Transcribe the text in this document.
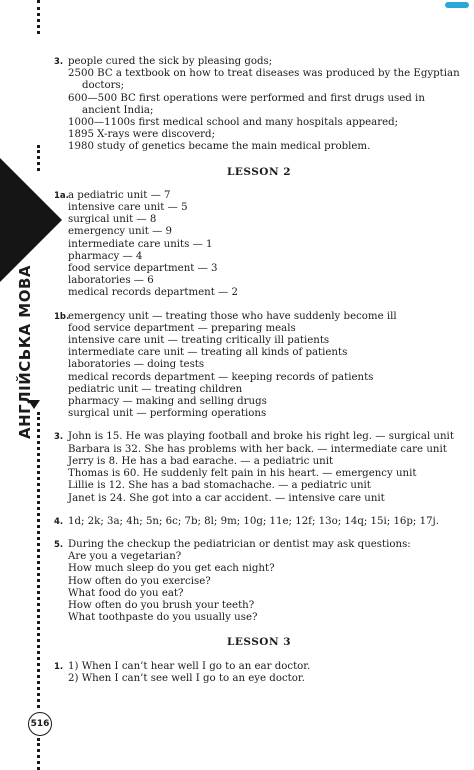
АНГЛІЙСЬКА МОВА
516
3. people cured the sick by pleasing gods;
2500 BC a textbook on how to treat diseases was produced by the Egyptian doctors;
600—500 BC first operations were performed and first drugs used in ancient India;
1000—1100s first medical school and many hospitals appeared;
1895 X-rays were discoverd;
1980 study of genetics became the main medical problem.
LESSON 2
1a. a pediatric unit — 7
intensive care unit — 5
surgical unit — 8
emergency unit — 9
intermediate care units — 1
pharmacy — 4
food service department — 3
laboratories — 6
medical records department — 2
1b.
emergency unit — treating those who have suddenly become ill
food service department — preparing meals
intensive care unit — treating critically ill patients
intermediate care unit — treating all kinds of patients
laboratories — doing tests
medical records department — keeping records of patients
pediatric unit — treating children
pharmacy — making and selling drugs
surgical unit — performing operations
3. John is 15. He was playing football and broke his right leg. — surgical unit
Barbara is 32. She has problems with her back. — intermediate care unit
Jerry is 8. He has a bad earache. — a pediatric unit
Thomas is 60. He suddenly felt pain in his heart. — emergency unit
Lillie is 12. She has a bad stomachache. — a pediatric unit
Janet is 24. She got into a car accident. — intensive care unit
4. 1d; 2k; 3a; 4h; 5n; 6c; 7b; 8l; 9m; 10g; 11e; 12f; 13o; 14q; 15i; 16p; 17j.
5. During the checkup the pediatrician or dentist may ask questions:
Are you a vegetarian?
How much sleep do you get each night?
How often do you exercise?
What food do you eat?
How often do you brush your teeth?
What toothpaste do you usually use?
LESSON 3
1. 1) When I can’t hear well I go to an ear doctor.
2) When I can’t see well I go to an eye doctor.
